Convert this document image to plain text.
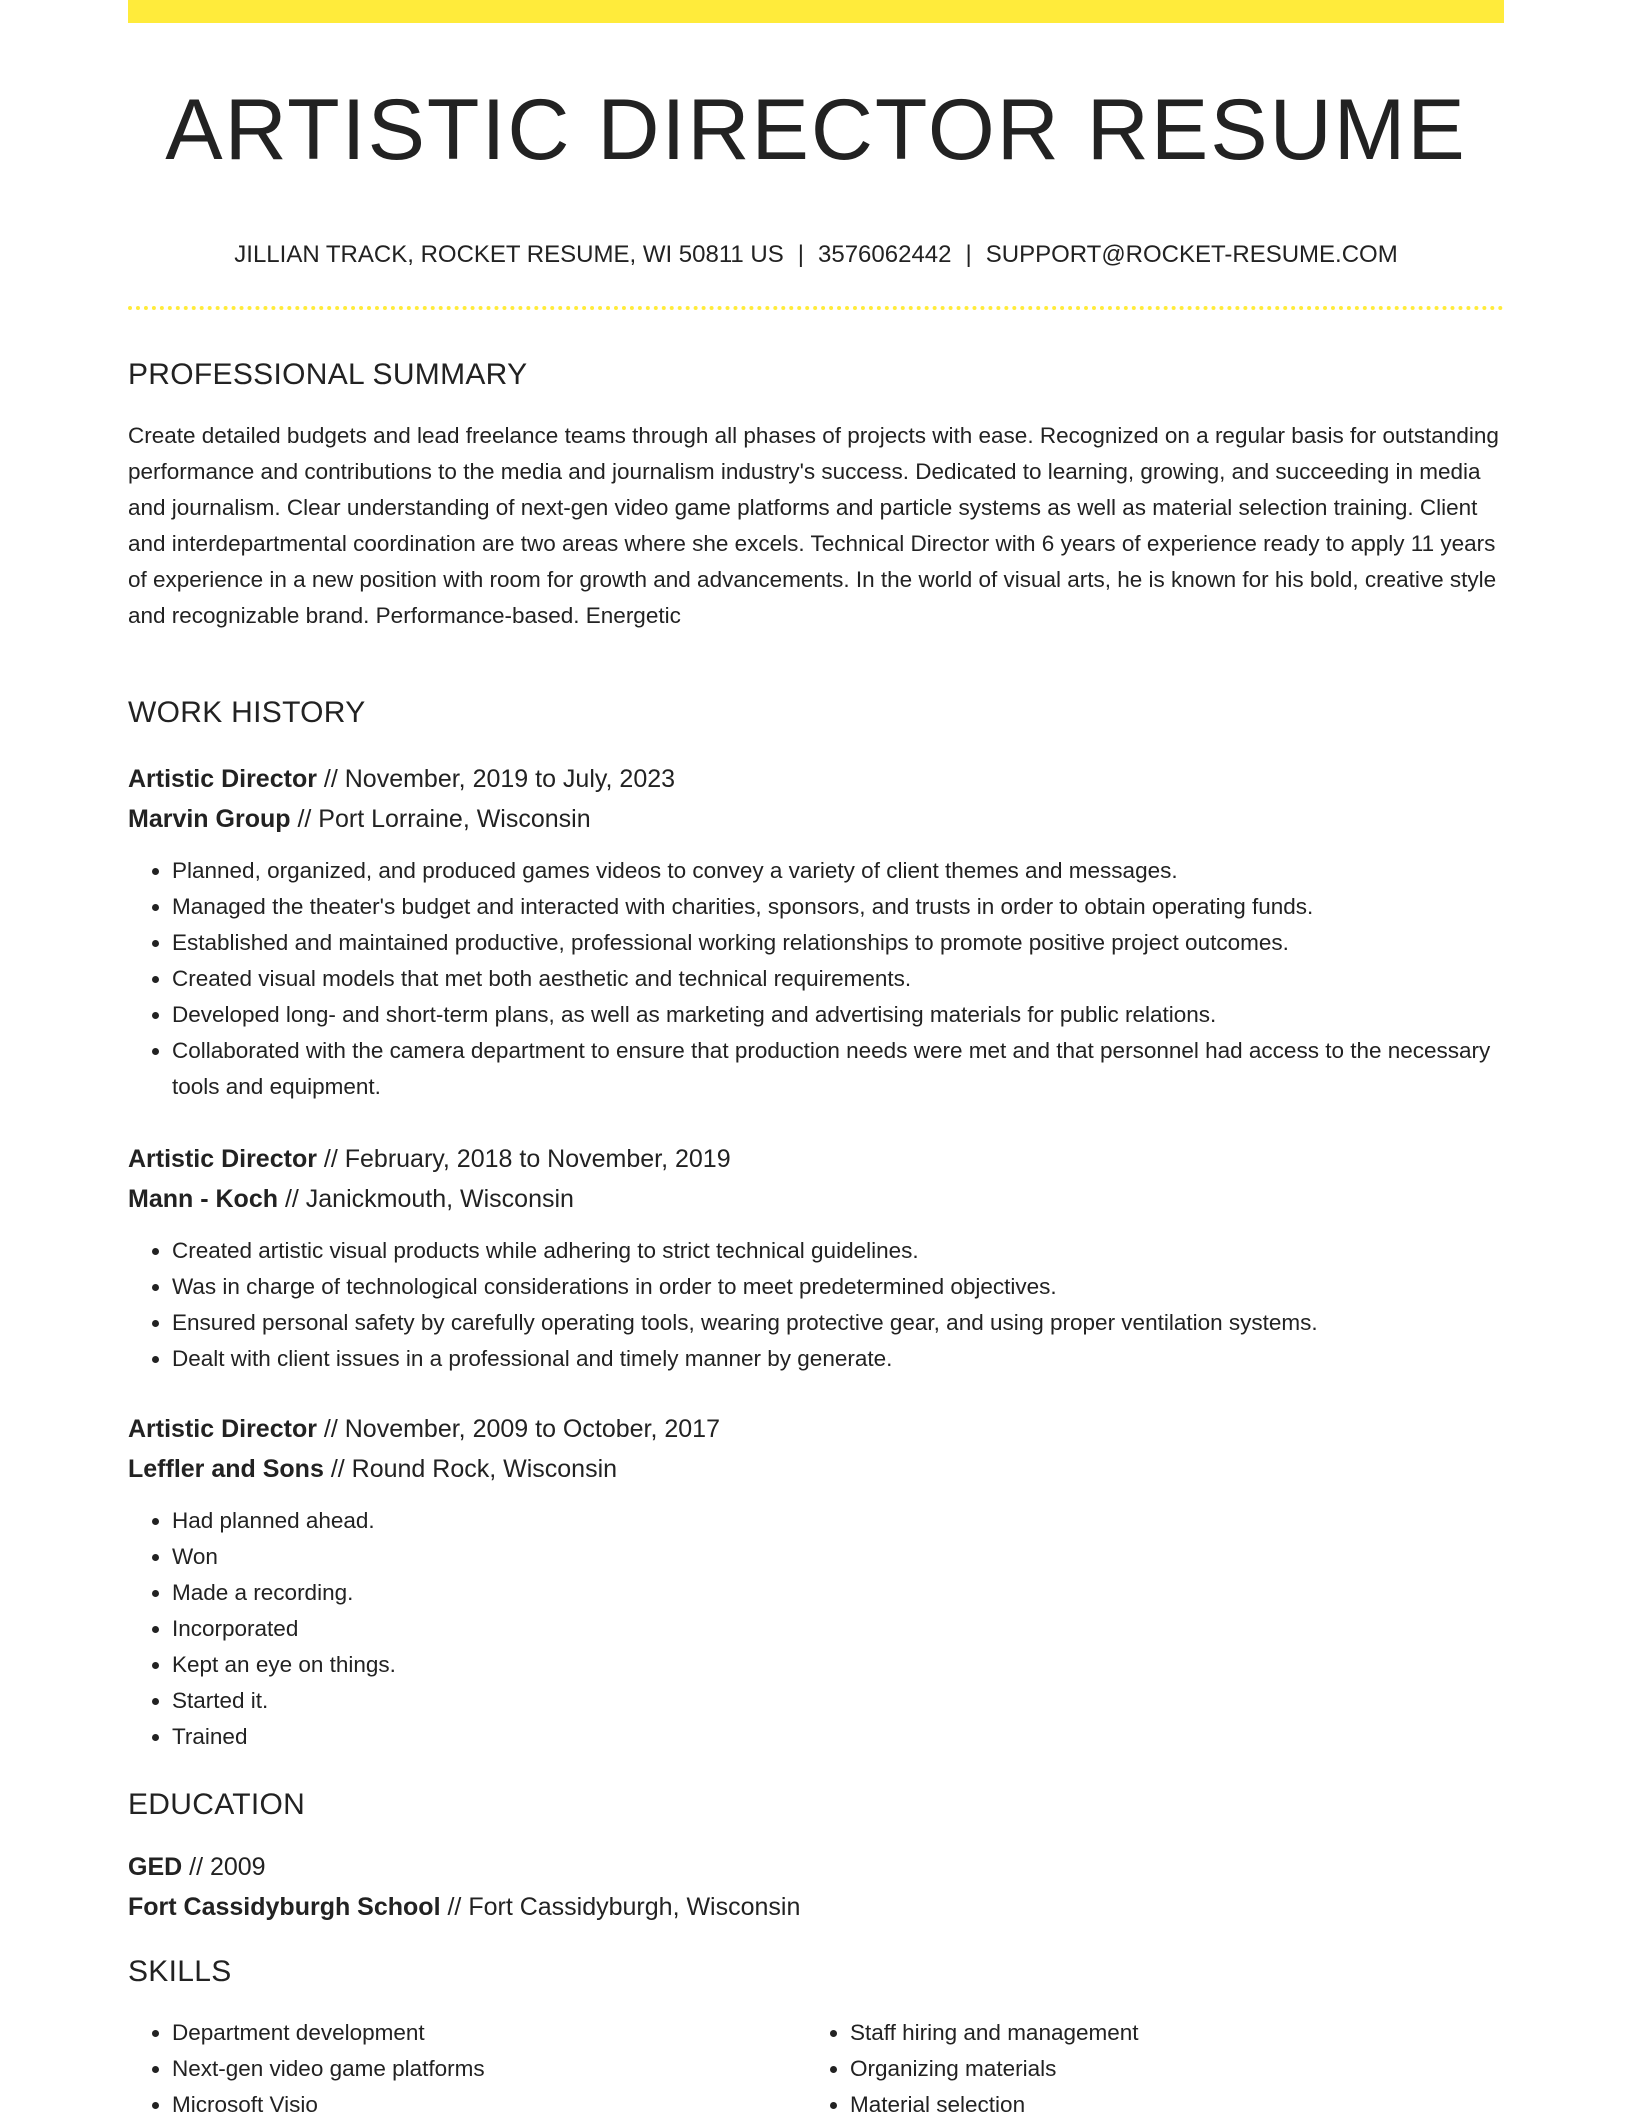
ARTISTIC DIRECTOR RESUME
JILLIAN TRACK, ROCKET RESUME, WI 50811 US | 3576062442 | SUPPORT@ROCKET-RESUME.COM
PROFESSIONAL SUMMARY

Create detailed budgets and lead freelance teams through all phases of projects with ease. Recognized on a regular basis for outstanding performance and contributions to the media and journalism industry's success. Dedicated to learning, growing, and succeeding in media and journalism. Clear understanding of next-gen video game platforms and particle systems as well as material selection training. Client and interdepartmental coordination are two areas where she excels. Technical Director with 6 years of experience ready to apply 11 years of experience in a new position with room for growth and advancements. In the world of visual arts, he is known for his bold, creative style and recognizable brand. Performance-based. Energetic

WORK HISTORY

Artistic Director // November, 2019 to July, 2023

Marvin Group // Port Lorraine, Wisconsin

• Planned, organized, and produced games videos to convey a variety of client themes and messages.
• Managed the theater's budget and interacted with charities, sponsors, and trusts in order to obtain operating funds.
• Established and maintained productive, professional working relationships to promote positive project outcomes.
• Created visual models that met both aesthetic and technical requirements.
• Developed long- and short-term plans, as well as marketing and advertising materials for public relations.
• Collaborated with the camera department to ensure that production needs were met and that personnel had access to the necessary tools and equipment.

Artistic Director // February, 2018 to November, 2019

Mann - Koch // Janickmouth, Wisconsin

• Created artistic visual products while adhering to strict technical guidelines.
• Was in charge of technological considerations in order to meet predetermined objectives.
• Ensured personal safety by carefully operating tools, wearing protective gear, and using proper ventilation systems.
• Dealt with client issues in a professional and timely manner by generate.

Artistic Director // November, 2009 to October, 2017

Leffler and Sons // Round Rock, Wisconsin

• Had planned ahead.
• Won
• Made a recording.
• Incorporated
• Kept an eye on things.
• Started it.
• Trained
EDUCATION

GED // 2009

Fort Cassidyburgh School // Fort Cassidyburgh, Wisconsin

SKILLS
• Department development
• Next-gen video game platforms
• Microsoft Visio
• Staff hiring and management
• Organizing materials
• Material selection
